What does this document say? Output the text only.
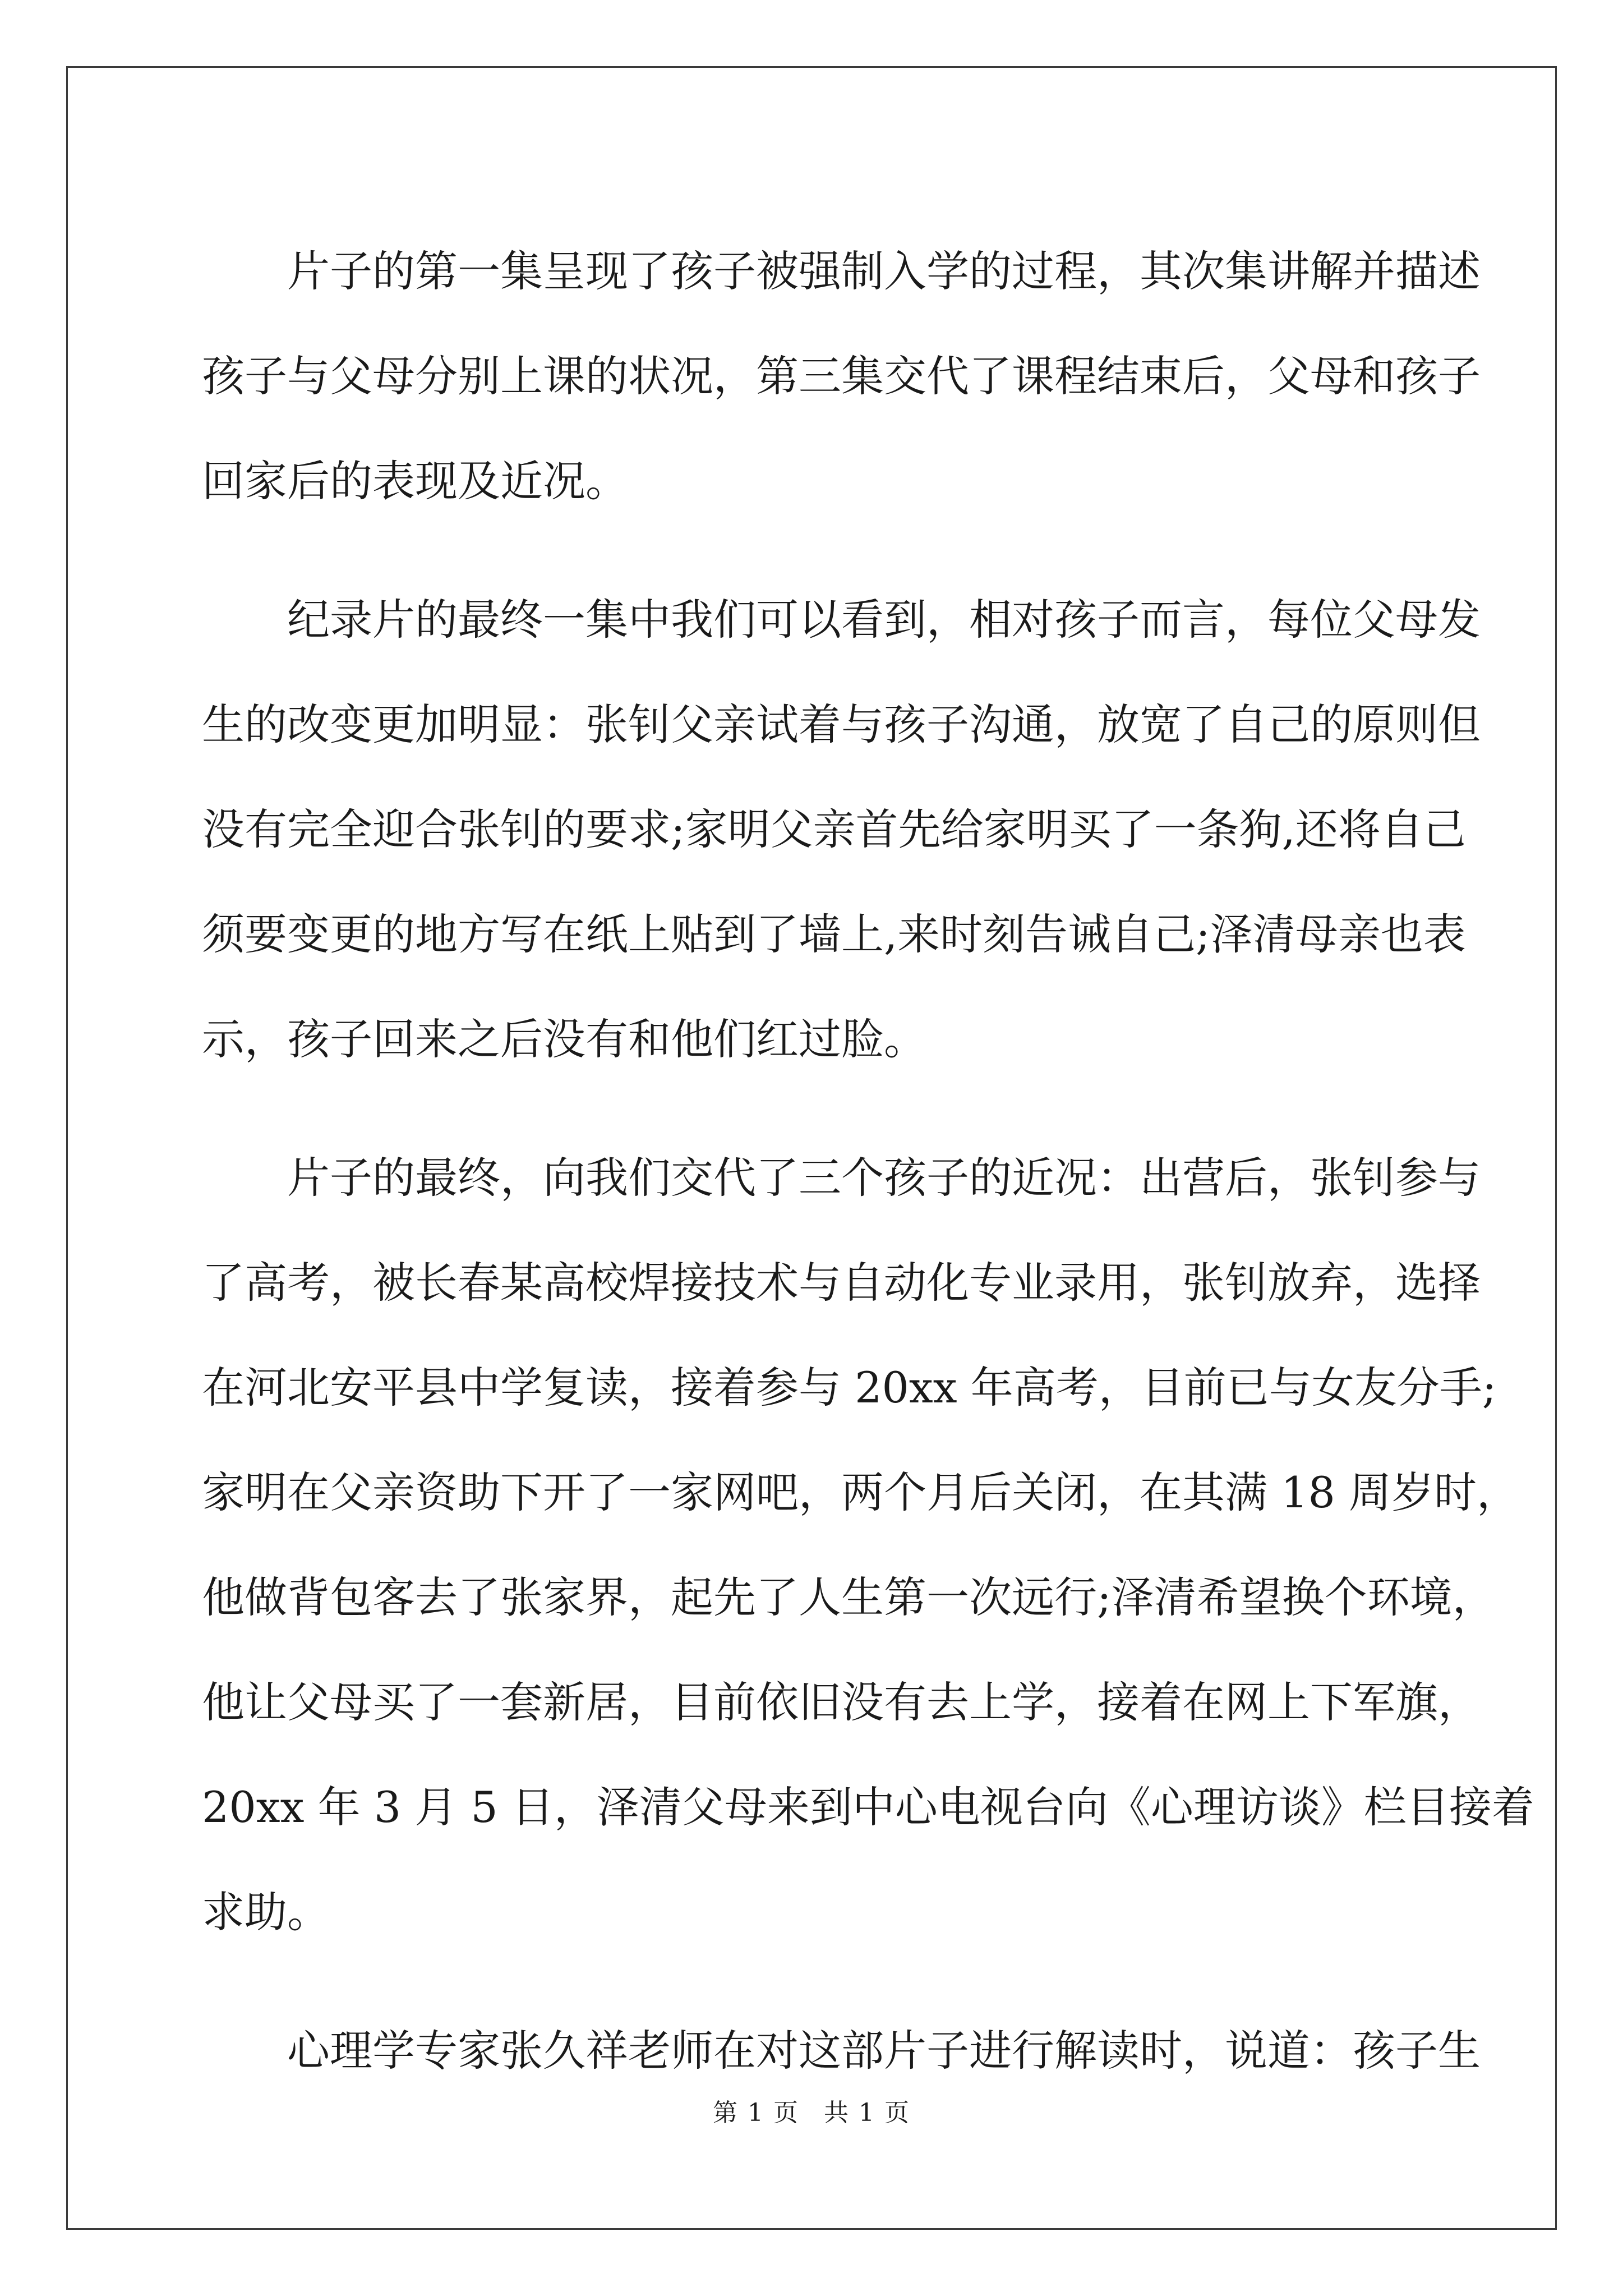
片子的第一集呈现了孩子被强制入学的过程，其次集讲解并描述
孩子与父母分别上课的状况，第三集交代了课程结束后，父母和孩子
回家后的表现及近况。
纪录片的最终一集中我们可以看到，相对孩子而言，每位父母发
生的改变更加明显：张钊父亲试着与孩子沟通，放宽了自己的原则但
没有完全迎合张钊的要求;家明父亲首先给家明买了一条狗,还将自己
须要变更的地方写在纸上贴到了墙上,来时刻告诫自己;泽清母亲也表
示，孩子回来之后没有和他们红过脸。
片子的最终，向我们交代了三个孩子的近况：出营后，张钊参与
了高考，被长春某高校焊接技术与自动化专业录用，张钊放弃，选择
在河北安平县中学复读，接着参与 20xx 年高考，目前已与女友分手;
家明在父亲资助下开了一家网吧，两个月后关闭，在其满 18 周岁时，
他做背包客去了张家界，起先了人生第一次远行;泽清希望换个环境，
他让父母买了一套新居，目前依旧没有去上学，接着在网上下军旗，
20xx 年 3 月 5 日，泽清父母来到中心电视台向《心理访谈》栏目接着
求助。
心理学专家张久祥老师在对这部片子进行解读时，说道：孩子生
第 1 页 共 1 页
